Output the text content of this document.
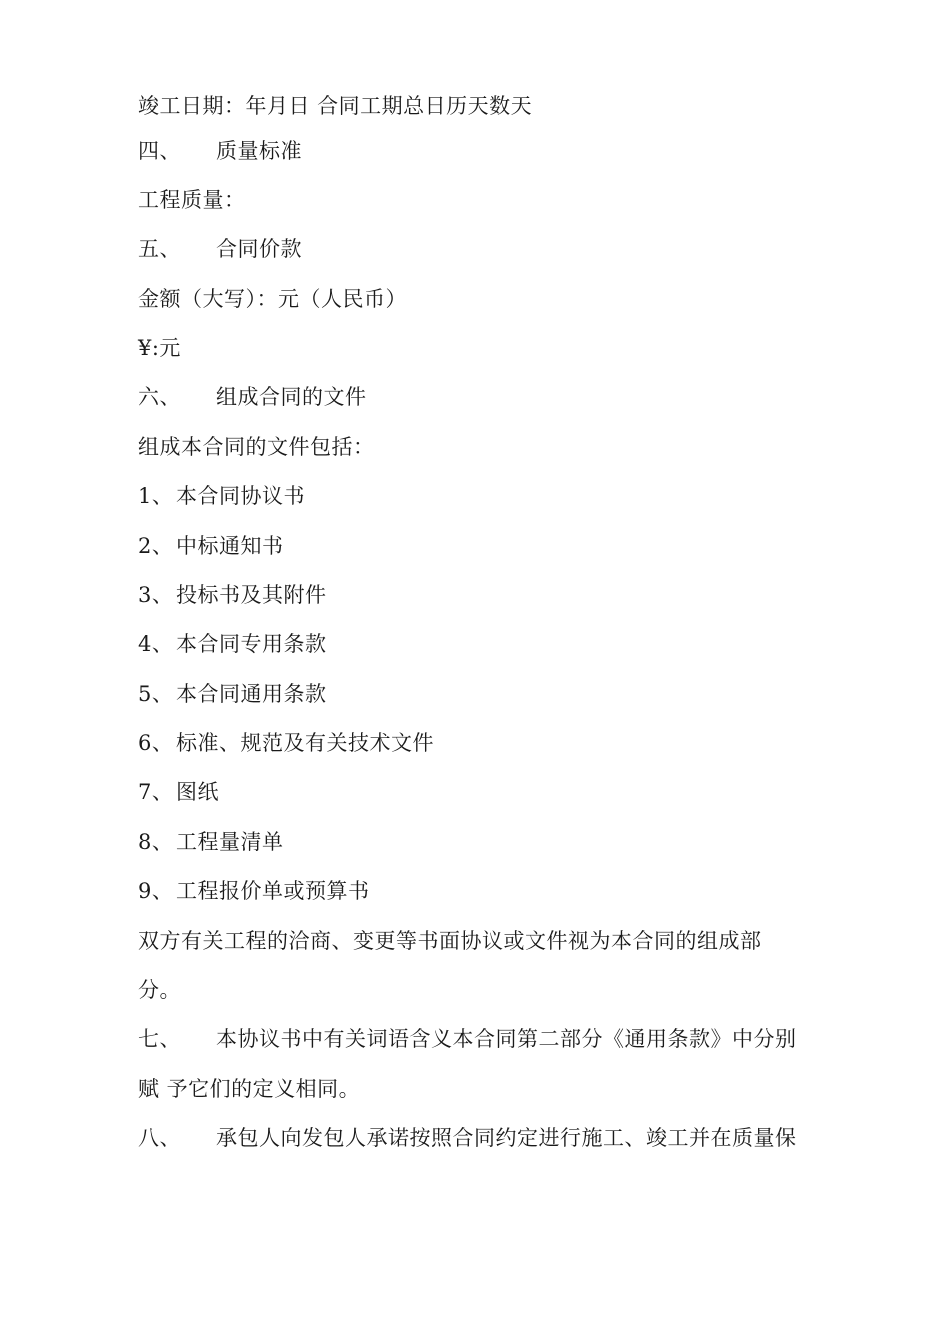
竣工日期：年月日 合同工期总日历天数天
四、 质量标准
工程质量：
五、 合同价款
金额（大写）：元（人民币）
¥:元
六、 组成合同的文件
组成本合同的文件包括：
1、 本合同协议书
2、 中标通知书
3、 投标书及其附件
4、 本合同专用条款
5、 本合同通用条款
6、 标准、规范及有关技术文件
7、 图纸
8、 工程量清单
9、 工程报价单或预算书
双方有关工程的洽商、变更等书面协议或文件视为本合同的组成部
分。
七、 本协议书中有关词语含义本合同第二部分《通用条款》中分别
赋 予它们的定义相同。
八、 承包人向发包人承诺按照合同约定进行施工、竣工并在质量保
